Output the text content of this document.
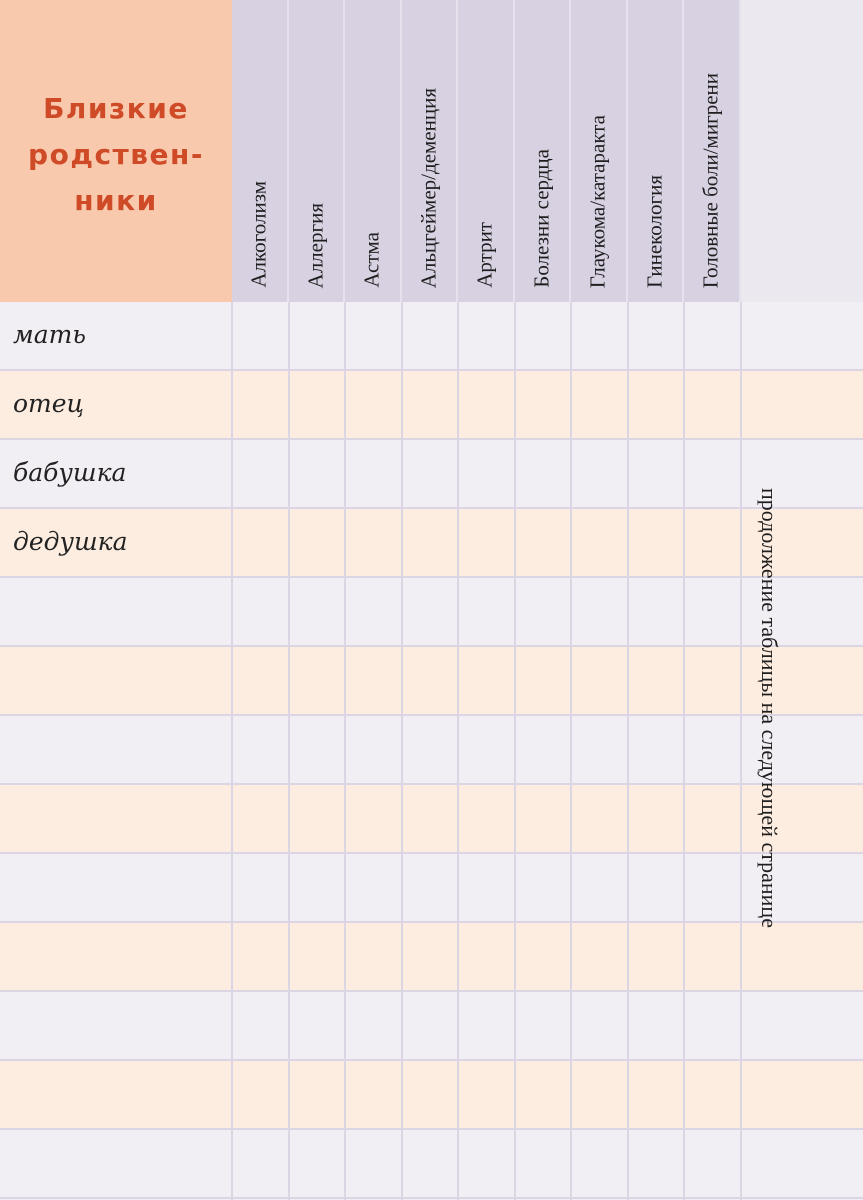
Близкие
родствен-
ники
мать
отец
бабушка
дедушка
Алкоголизм Аллергия Астма Альцгеймер/деменция Артрит Болезни сердца Глаукома/катаракта Гинекология Головные боли/мигрени
продолжение таблицы на следующей странице
